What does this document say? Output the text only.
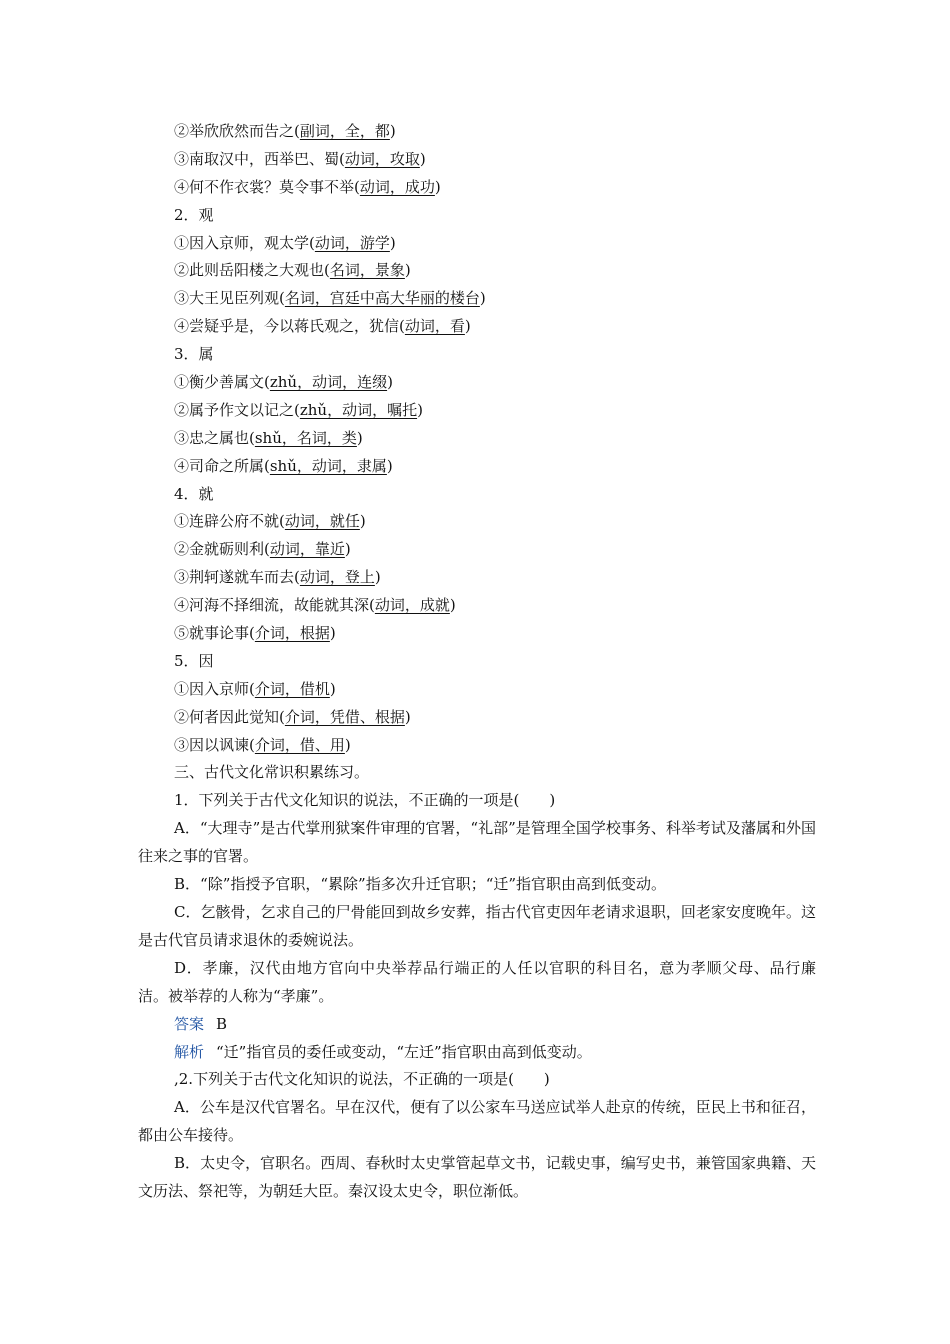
②举欣欣然而告之(副词，全，都)
③南取汉中，西举巴、蜀(动词，攻取)
④何不作衣裳？莫令事不举(动词，成功)
2．观
①因入京师，观太学(动词，游学)
②此则岳阳楼之大观也(名词，景象)
③大王见臣列观(名词，宫廷中高大华丽的楼台)
④尝疑乎是，今以蒋氏观之，犹信(动词，看)
3．属
①衡少善属文(zhǔ，动词，连缀)
②属予作文以记之(zhǔ，动词，嘱托)
③忠之属也(shǔ，名词，类)
④司命之所属(shǔ，动词，隶属)
4．就
①连辟公府不就(动词，就任)
②金就砺则利(动词，靠近)
③荆轲遂就车而去(动词，登上)
④河海不择细流，故能就其深(动词，成就)
⑤就事论事(介词，根据)
5．因
①因入京师(介词，借机)
②何者因此觉知(介词，凭借、根据)
③因以讽谏(介词，借、用)
三、古代文化常识积累练习。
1．下列关于古代文化知识的说法，不正确的一项是(　　)
A．“大理寺”是古代掌刑狱案件审理的官署，“礼部”是管理全国学校事务、科举考试及藩属和外国往来之事的官署。
B．“除”指授予官职，“累除”指多次升迁官职；“迁”指官职由高到低变动。
C．乞骸骨，乞求自己的尸骨能回到故乡安葬，指古代官吏因年老请求退职，回老家安度晚年。这是古代官员请求退休的委婉说法。
D．孝廉，汉代由地方官向中央举荐品行端正的人任以官职的科目名，意为孝顺父母、品行廉洁。被举荐的人称为“孝廉”。
答案 B
解析 “迁”指官员的委任或变动，“左迁”指官职由高到低变动。
,2.下列关于古代文化知识的说法，不正确的一项是(　　)
A．公车是汉代官署名。早在汉代，便有了以公家车马送应试举人赴京的传统，臣民上书和征召，都由公车接待。
B．太史令，官职名。西周、春秋时太史掌管起草文书，记载史事，编写史书，兼管国家典籍、天文历法、祭祀等，为朝廷大臣。秦汉设太史令，职位渐低。
